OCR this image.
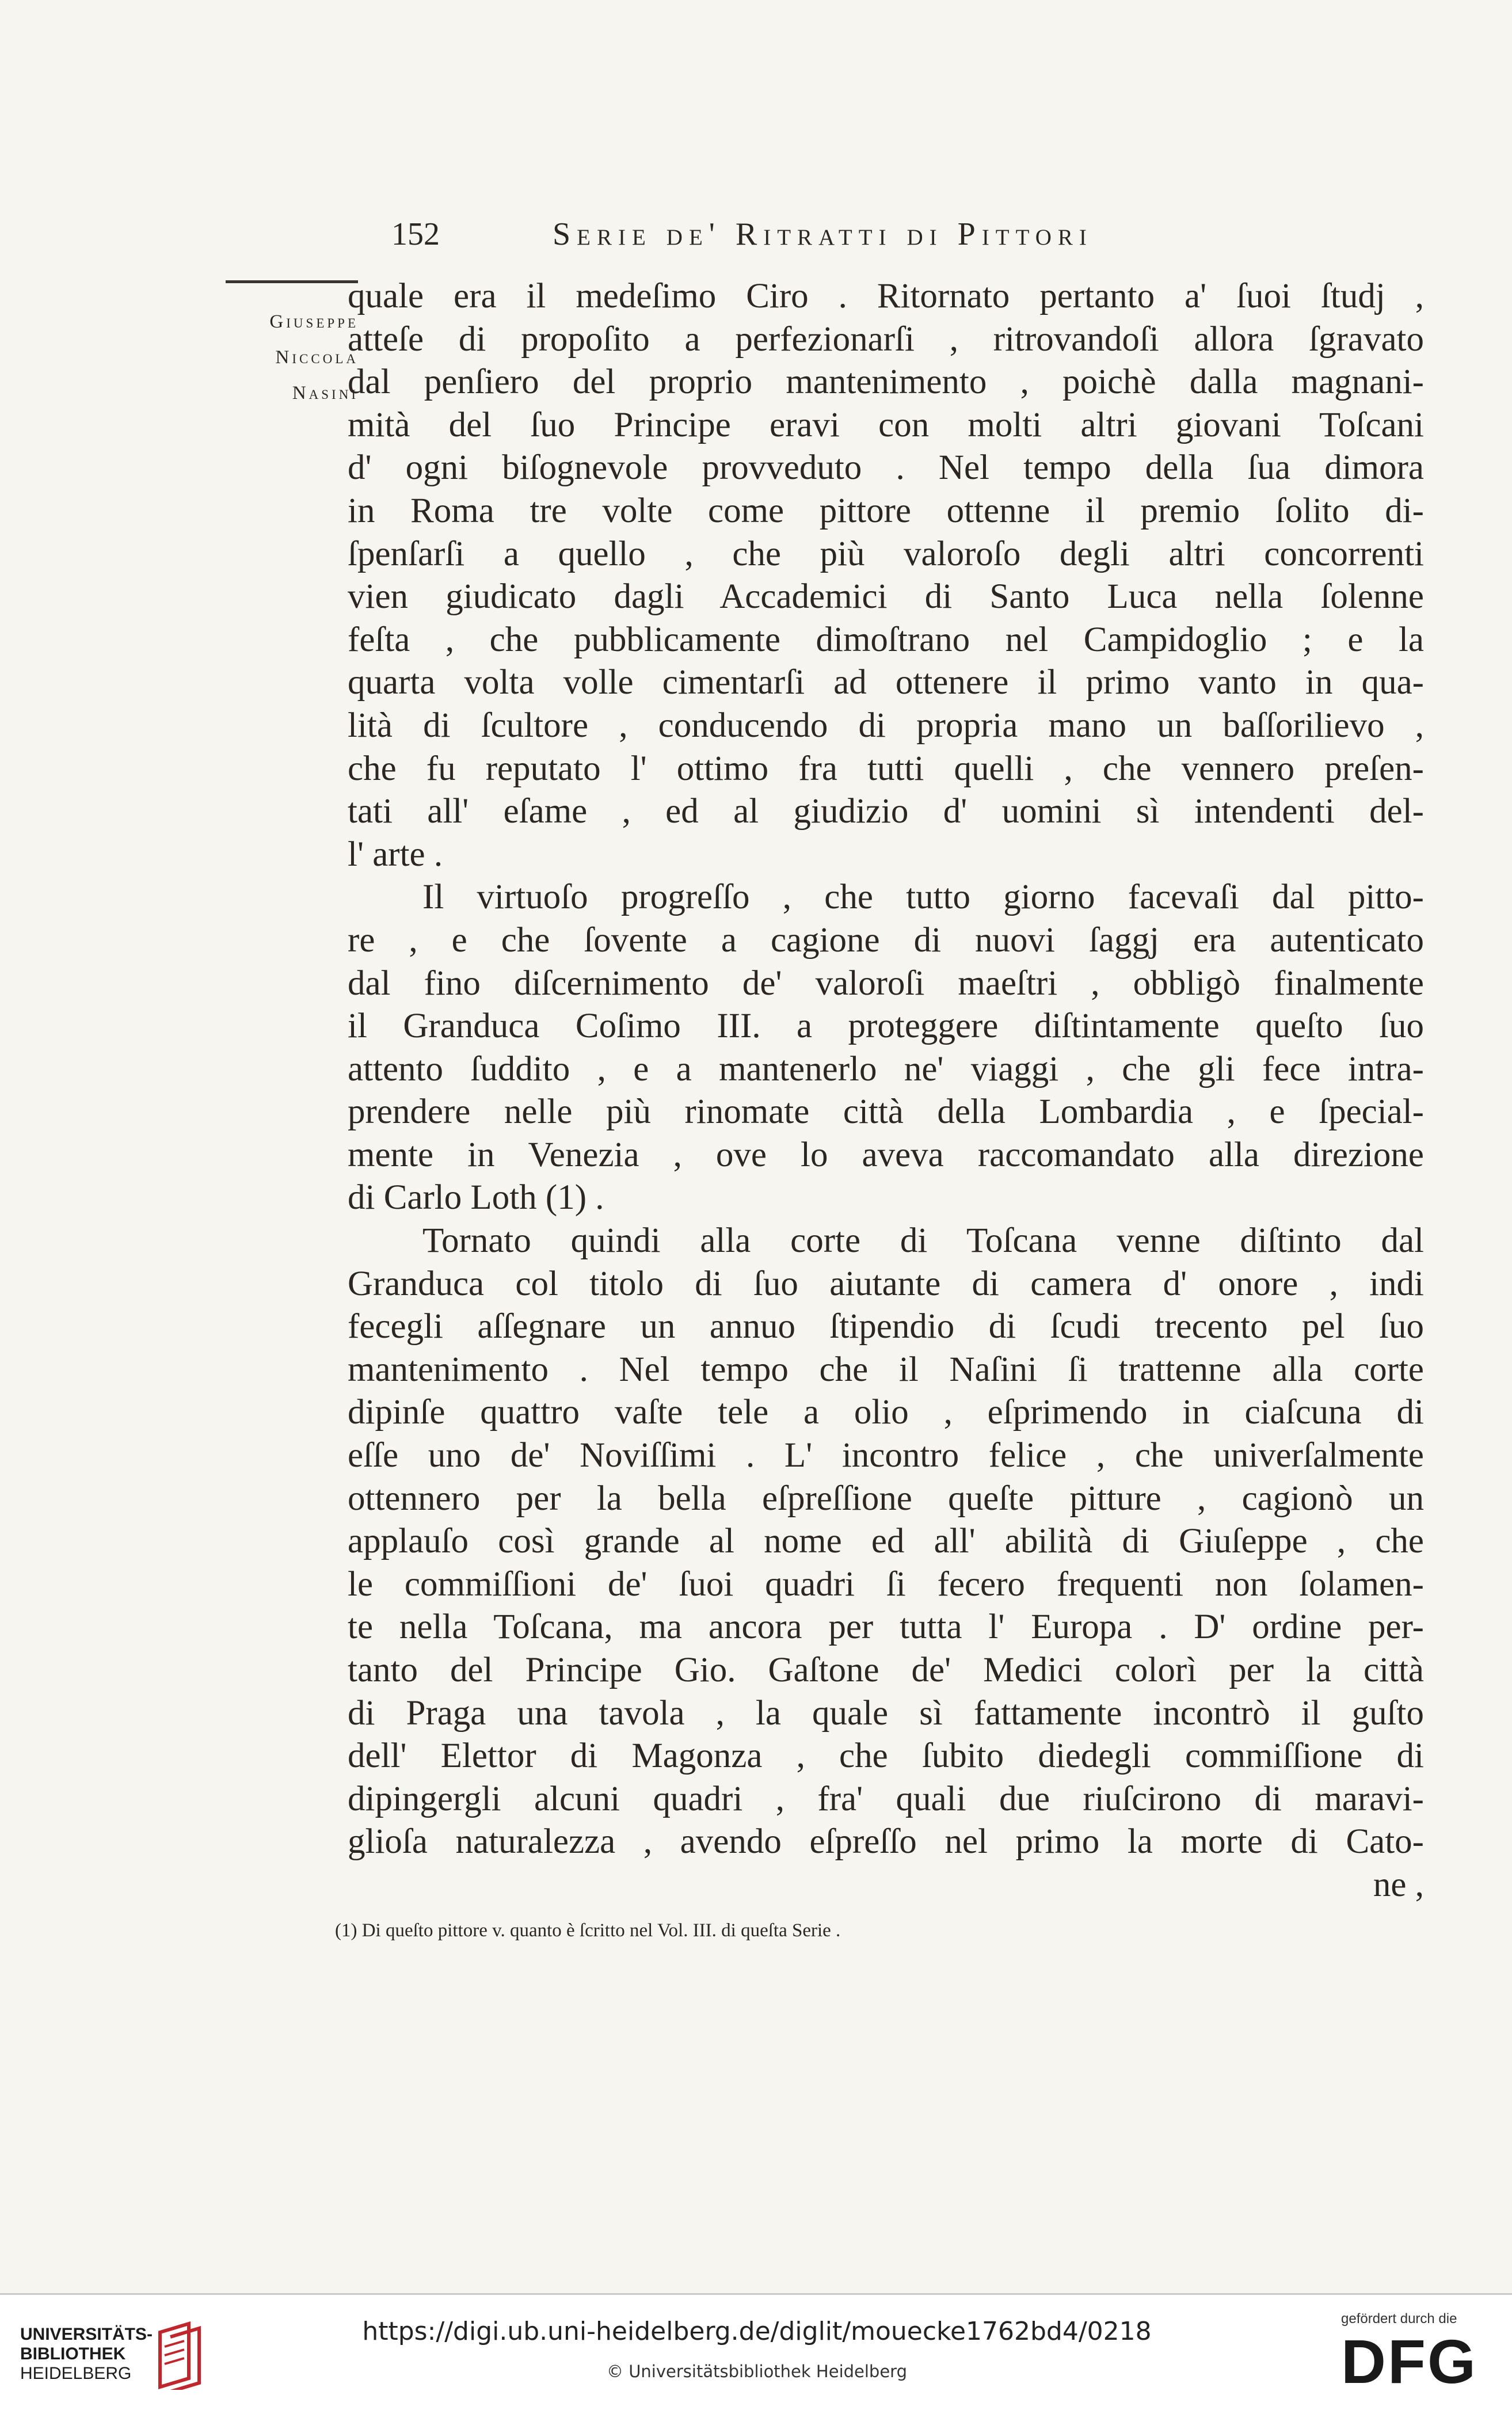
152	Serie de' Ritratti di Pittori
Giuseppe
Niccola
Nasini
quale era il medeſimo Ciro . Ritornato pertanto a' ſuoi ſtudj ,
atteſe di propoſito a perfezionarſi , ritrovandoſi allora ſgravato
dal penſiero del proprio mantenimento , poichè dalla magnani-
mità del ſuo Principe eravi con molti altri giovani Toſcani
d' ogni biſognevole provveduto . Nel tempo della ſua dimora
in Roma tre volte come pittore ottenne il premio ſolito di-
ſpenſarſi a quello , che più valoroſo degli altri concorrenti
vien giudicato dagli Accademici di Santo Luca nella ſolenne
feſta , che pubblicamente dimoſtrano nel Campidoglio ; e la
quarta volta volle cimentarſi ad ottenere il primo vanto in qua-
lità di ſcultore , conducendo di propria mano un baſſorilievo ,
che fu reputato l' ottimo fra tutti quelli , che vennero preſen-
tati all' eſame , ed al giudizio d' uomini sì intendenti del-
l' arte .
Il virtuoſo progreſſo , che tutto giorno facevaſi dal pitto-
re , e che ſovente a cagione di nuovi ſaggj era autenticato
dal fino diſcernimento de' valoroſi maeſtri , obbligò finalmente
il Granduca Coſimo III. a proteggere diſtintamente queſto ſuo
attento ſuddito , e a mantenerlo ne' viaggi , che gli fece intra-
prendere nelle più rinomate città della Lombardia , e ſpecial-
mente in Venezia , ove lo aveva raccomandato alla direzione
di Carlo Loth (1) .
Tornato quindi alla corte di Toſcana venne diſtinto dal
Granduca col titolo di ſuo aiutante di camera d' onore , indi
fecegli aſſegnare un annuo ſtipendio di ſcudi trecento pel ſuo
mantenimento . Nel tempo che il Naſini ſi trattenne alla corte
dipinſe quattro vaſte tele a olio , eſprimendo in ciaſcuna di
eſſe uno de' Noviſſimi . L' incontro felice , che univerſalmente
ottennero per la bella eſpreſſione queſte pitture , cagionò un
applauſo così grande al nome ed all' abilità di Giuſeppe , che
le commiſſioni de' ſuoi quadri ſi fecero frequenti non ſolamen-
te nella Toſcana, ma ancora per tutta l' Europa . D' ordine per-
tanto del Principe Gio. Gaſtone de' Medici colorì per la città
di Praga una tavola , la quale sì fattamente incontrò il guſto
dell' Elettor di Magonza , che ſubito diedegli commiſſione di
dipingergli alcuni quadri , fra' quali due riuſcirono di maravi-
glioſa naturalezza , avendo eſpreſſo nel primo la morte di Cato-
ne ,
(1) Di queſto pittore v. quanto è ſcritto nel Vol. III. di queſta Serie .
UNIVERSITÄTS-
BIBLIOTHEK
HEIDELBERG
https://digi.ub.uni-heidelberg.de/diglit/mouecke1762bd4/0218
© Universitätsbibliothek Heidelberg
gefördert durch die
DFG
